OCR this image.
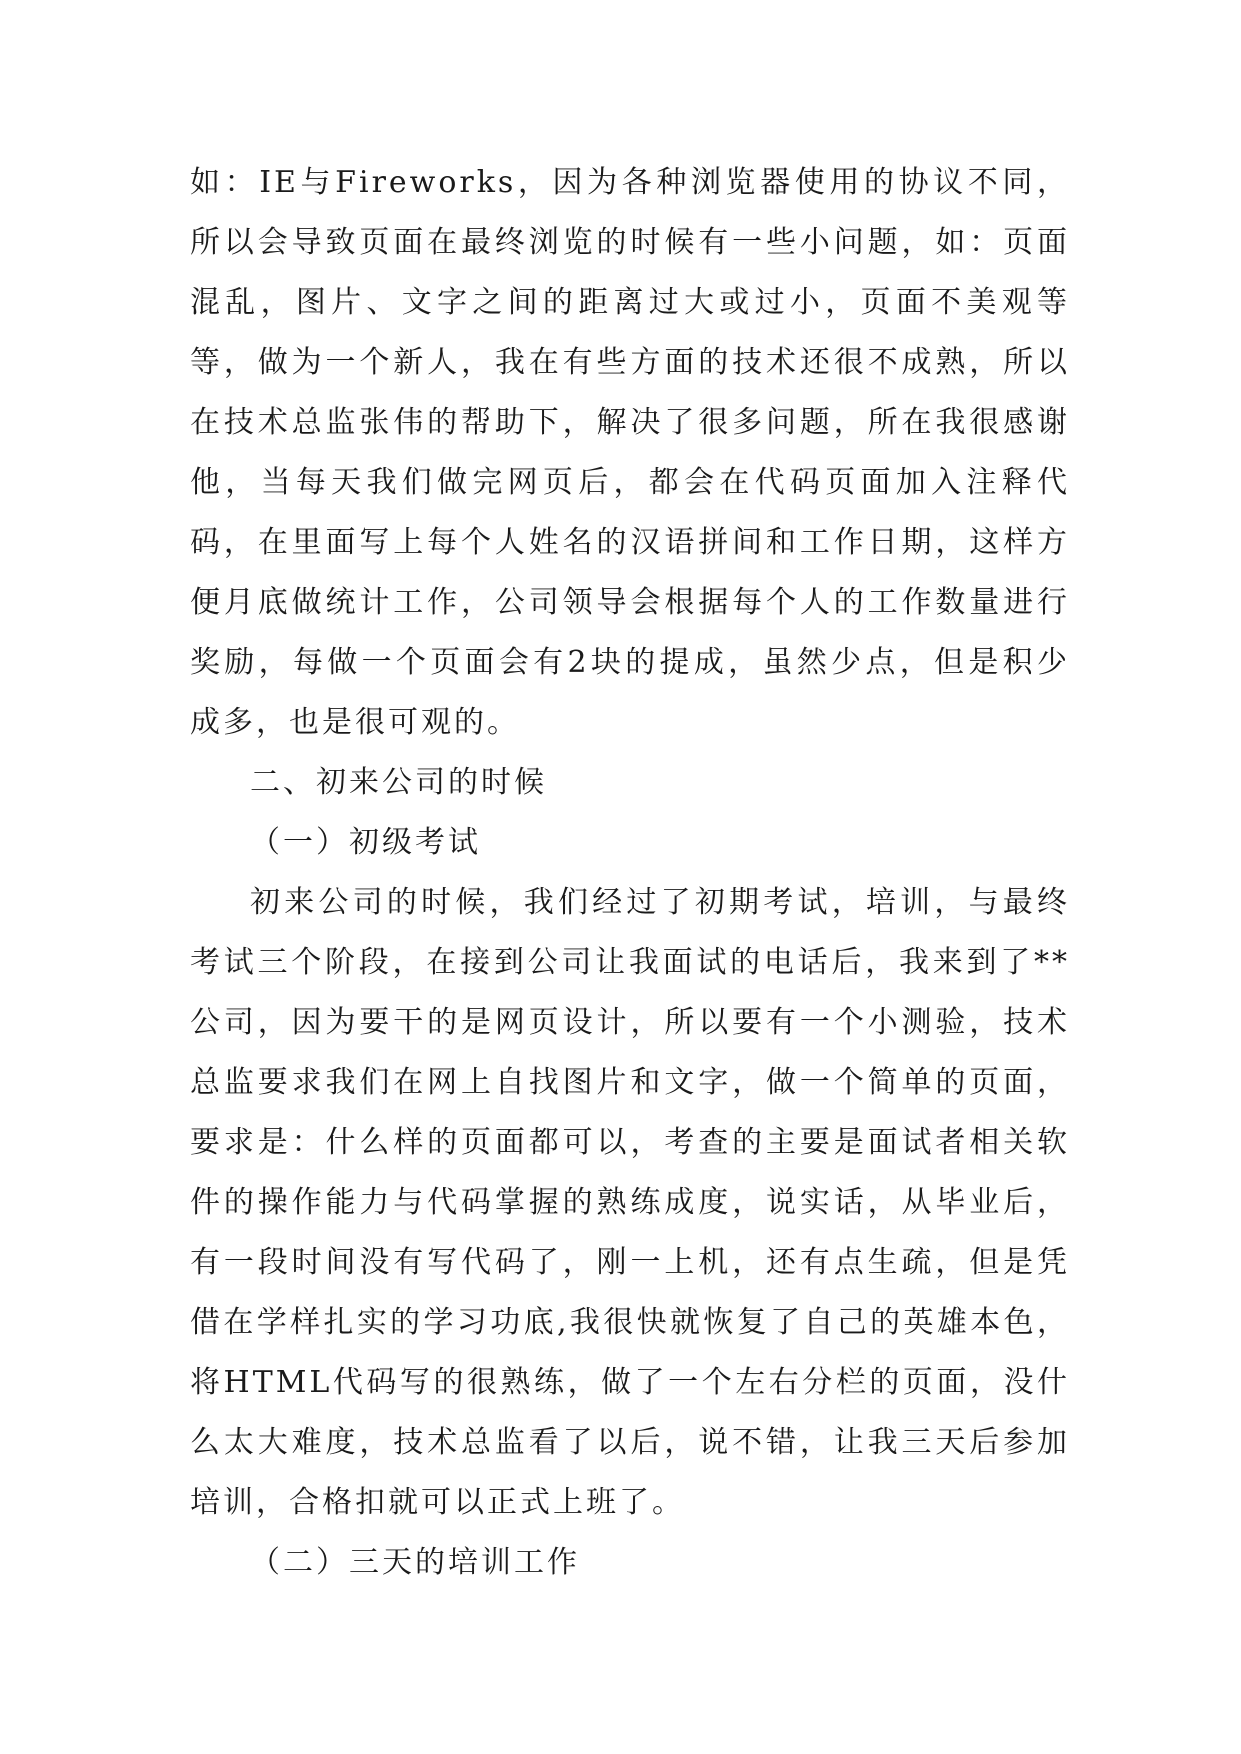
如：IE与Fireworks，因为各种浏览器使用的协议不同，所以会导致页面在最终浏览的时候有一些小问题，如：页面混乱，图片、文字之间的距离过大或过小，页面不美观等等，做为一个新人，我在有些方面的技术还很不成熟，所以在技术总监张伟的帮助下，解决了很多问题，所在我很感谢他，当每天我们做完网页后，都会在代码页面加入注释代码，在里面写上每个人姓名的汉语拼间和工作日期，这样方便月底做统计工作，公司领导会根据每个人的工作数量进行奖励，每做一个页面会有2块的提成，虽然少点，但是积少成多，也是很可观的。

二、初来公司的时候

（一）初级考试

初来公司的时候，我们经过了初期考试，培训，与最终考试三个阶段，在接到公司让我面试的电话后，我来到了**公司，因为要干的是网页设计，所以要有一个小测验，技术总监要求我们在网上自找图片和文字，做一个简单的页面，要求是：什么样的页面都可以，考查的主要是面试者相关软件的操作能力与代码掌握的熟练成度，说实话，从毕业后，有一段时间没有写代码了，刚一上机，还有点生疏，但是凭借在学样扎实的学习功底,我很快就恢复了自己的英雄本色，将HTML代码写的很熟练，做了一个左右分栏的页面，没什么太大难度，技术总监看了以后，说不错，让我三天后参加培训，合格扣就可以正式上班了。

（二）三天的培训工作
